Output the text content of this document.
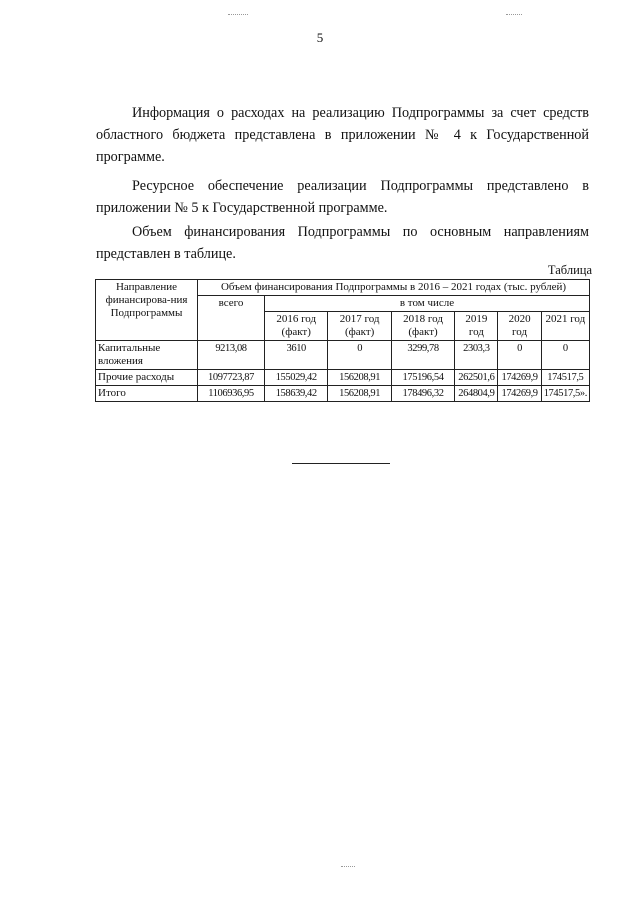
5

Информация о расходах на реализацию Подпрограммы за счет средств областного бюджета представлена в приложении № 4 к Государственной программе.

Ресурсное обеспечение реализации Подпрограммы представлено в приложении № 5 к Государственной программе.

Объем финансирования Подпрограммы по основным направлениям представлен в таблице.

Таблица
Направление финансирова-ния Подпрограммы	Объем финансирования Подпрограммы в 2016 – 2021 годах (тыс. рублей)						
	всего	в том числе					
		2016 год (факт)	2017 год (факт)	2018 год (факт)	2019 год	2020 год	2021 год
Капитальные вложения	9213,08	3610	0	3299,78	2303,3	0	0
Прочие расходы	1097723,87	155029,42	156208,91	175196,54	262501,6	174269,9	174517,5
Итого	1106936,95	158639,42	156208,91	178496,32	264804,9	174269,9	174517,5».
